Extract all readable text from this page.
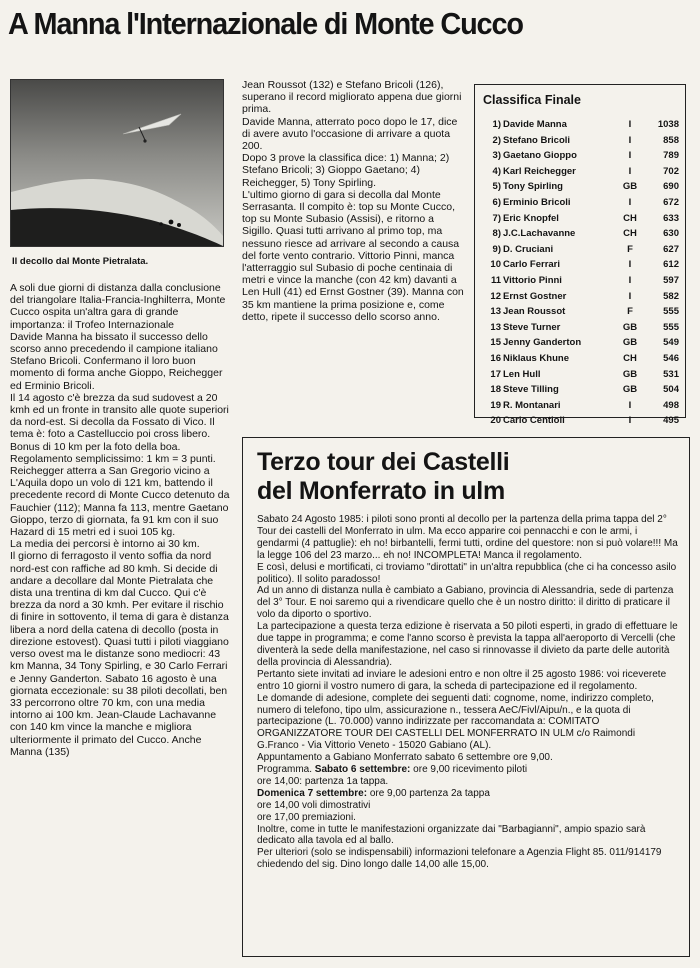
A Manna l'Internazionale di Monte Cucco

Il decollo dal Monte Pietralata.

A soli due giorni di distanza dalla conclusione del triangolare Italia-Francia-Inghilterra, Monte Cucco ospita un'altra gara di grande importanza: il Trofeo Internazionale

Davide Manna ha bissato il successo dello scorso anno precedendo il campione italiano Stefano Bricoli. Confermano il loro buon momento di forma anche Gioppo, Reichegger ed Erminio Bricoli.

Il 14 agosto c'è brezza da sud sudovest a 20 kmh ed un fronte in transito alle quote superiori da nord-est. Si decolla da Fossato di Vico. Il tema è: foto a Castelluccio poi cross libero. Bonus di 10 km per la foto della boa. Regolamento semplicissimo: 1 km = 3 punti. Reichegger atterra a San Gregorio vicino a L'Aquila dopo un volo di 121 km, battendo il precedente record di Monte Cucco detenuto da Fauchier (112); Manna fa 113, mentre Gaetano Gioppo, terzo di giornata, fa 91 km con il suo Hazard di 15 metri ed i suoi 105 kg.

La media dei percorsi è intorno ai 30 km.

Il giorno di ferragosto il vento soffia da nord nord-est con raffiche ad 80 kmh. Si decide di andare a decollare dal Monte Pietralata che dista una trentina di km dal Cucco. Qui c'è brezza da nord a 30 kmh. Per evitare il rischio di finire in sottovento, il tema di gara è distanza libera a nord della catena di decollo (posta in direzione estovest). Quasi tutti i piloti viaggiano verso ovest ma le distanze sono mediocri: 43 km Manna, 34 Tony Spirling, e 30 Carlo Ferrari e Jenny Ganderton. Sabato 16 agosto è una giornata eccezionale: su 38 piloti decollati, ben 33 percorrono oltre 70 km, con una media intorno ai 100 km. Jean-Claude Lachavanne con 140 km vince la manche e migliora ulteriormente il primato del Cucco. Anche Manna (135)

Jean Roussot (132) e Stefano Bricoli (126), superano il record migliorato appena due giorni prima.

Davide Manna, atterrato poco dopo le 17, dice di avere avuto l'occasione di arrivare a quota 200.

Dopo 3 prove la classifica dice: 1) Manna; 2) Stefano Bricoli; 3) Gioppo Gaetano; 4) Reichegger, 5) Tony Spirling.

L'ultimo giorno di gara si decolla dal Monte Serrasanta. Il compito è: top su Monte Cucco, top su Monte Subasio (Assisi), e ritorno a Sigillo. Quasi tutti arrivano al primo top, ma nessuno riesce ad arrivare al secondo a causa del forte vento contrario. Vittorio Pinni, manca l'atterraggio sul Subasio di poche centinaia di metri e vince la manche (con 42 km) davanti a Len Hull (41) ed Ernst Gostner (39). Manna con 35 km mantiene la prima posizione e, come detto, ripete il successo dello scorso anno.

Classifica Finale
1)	Davide Manna	I	1038
2)	Stefano Bricoli	I	858
3)	Gaetano Gioppo	I	789
4)	Karl Reichegger	I	702
5)	Tony Spirling	GB	690
6)	Erminio Bricoli	I	672
7)	Eric Knopfel	CH	633
8)	J.C.Lachavanne	CH	630
9)	D. Cruciani	F	627
10	Carlo Ferrari	I	612
11	Vittorio Pinni	I	597
12	Ernst Gostner	I	582
13	Jean Roussot	F	555
13	Steve Turner	GB	555
15	Jenny Ganderton	GB	549
16	Niklaus Khune	CH	546
17	Len Hull	GB	531
18	Steve Tilling	GB	504
19	R. Montanari	I	498
20	Carlo Centioli	I	495
Terzo tour dei Castelli
del Monferrato in ulm

Sabato 24 Agosto 1985: i piloti sono pronti al decollo per la partenza della prima tappa del 2° Tour dei castelli del Monferrato in ulm. Ma ecco apparire coi pennacchi e con le armi, i gendarmi (4 pattuglie): eh no! birbantelli, fermi tutti, ordine del questore: non si può volare!!! Ma la legge 106 del 23 marzo... eh no! INCOMPLETA! Manca il regolamento.

E così, delusi e mortificati, ci troviamo "dirottati" in un'altra repubblica (che ci ha concesso asilo politico). Il solito paradosso!

Ad un anno di distanza nulla è cambiato a Gabiano, provincia di Alessandria, sede di partenza del 3° Tour. E noi saremo qui a rivendicare quello che è un nostro diritto: il diritto di praticare il volo da diporto o sportivo.

La partecipazione a questa terza edizione è riservata a 50 piloti esperti, in grado di effettuare le due tappe in programma; e come l'anno scorso è prevista la tappa all'aeroporto di Vercelli (che diventerà la sede della manifestazione, nel caso si rinnovasse il divieto da parte delle autorità della provincia di Alessandria).

Pertanto siete invitati ad inviare le adesioni entro e non oltre il 25 agosto 1986: voi riceverete entro 10 giorni il vostro numero di gara, la scheda di partecipazione ed il regolamento.

Le domande di adesione, complete dei seguenti dati: cognome, nome, indirizzo completo, numero di telefono, tipo ulm, assicurazione n., tessera AeC/Fivl/Aipu/n., e la quota di partecipazione (L. 70.000) vanno indirizzate per raccomandata a: COMITATO ORGANIZZATORE TOUR DEI CASTELLI DEL MONFERRATO IN ULM c/o Raimondi G.Franco - Via Vittorio Veneto - 15020 Gabiano (AL).

Appuntamento a Gabiano Monferrato sabato 6 settembre ore 9,00.

Programma. Sabato 6 settembre: ore 9,00 ricevimento piloti

ore 14,00: partenza 1a tappa.

Domenica 7 settembre: ore 9,00 partenza 2a tappa

ore 14,00 voli dimostrativi

ore 17,00 premiazioni.

Inoltre, come in tutte le manifestazioni organizzate dai "Barbagianni", ampio spazio sarà dedicato alla tavola ed al ballo.

Per ulteriori (solo se indispensabili) informazioni telefonare a Agenzia Flight 85. 011/914179 chiedendo del sig. Dino longo dalle 14,00 alle 15,00.
